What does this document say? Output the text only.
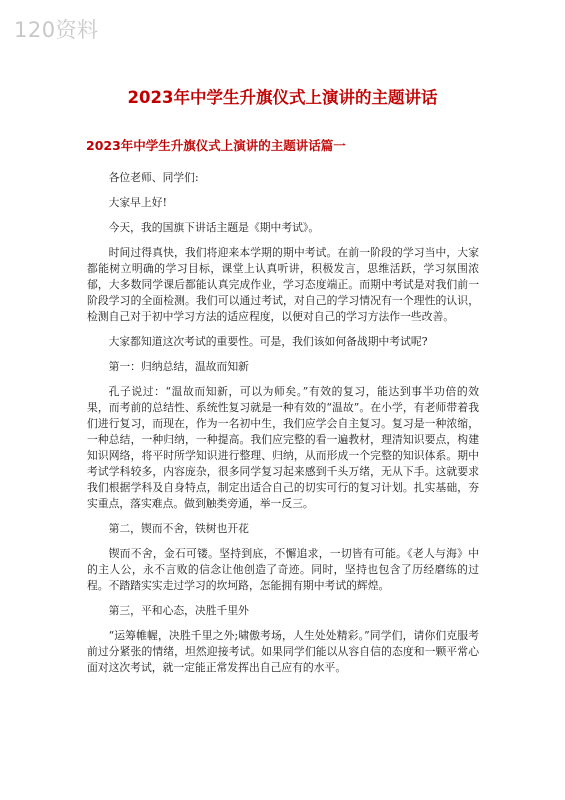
120资料
2023年中学生升旗仪式上演讲的主题讲话
2023年中学生升旗仪式上演讲的主题讲话篇一

各位老师、同学们:

大家早上好!

今天，我的国旗下讲话主题是《期中考试》。

时间过得真快，我们将迎来本学期的期中考试。在前一阶段的学习当中，大家都能树立明确的学习目标，课堂上认真听讲，积极发言，思维活跃，学习氛围浓郁，大多数同学课后都能认真完成作业，学习态度端正。而期中考试是对我们前一阶段学习的全面检测。我们可以通过考试，对自己的学习情况有一个理性的认识，检测自己对于初中学习方法的适应程度，以便对自己的学习方法作一些改善。

大家都知道这次考试的重要性。可是，我们该如何备战期中考试呢?

第一：归纳总结，温故而知新

孔子说过：“温故而知新，可以为师矣。”有效的复习，能达到事半功倍的效果，而考前的总结性、系统性复习就是一种有效的“温故”。在小学，有老师带着我们进行复习，而现在，作为一名初中生，我们应学会自主复习。复习是一种浓缩，一种总结，一种归纳，一种提高。我们应完整的看一遍教材，理清知识要点，构建知识网络，将平时所学知识进行整理、归纳，从而形成一个完整的知识体系。期中考试学科较多，内容庞杂，很多同学复习起来感到千头万绪，无从下手。这就要求我们根据学科及自身特点，制定出适合自己的切实可行的复习计划。扎实基础，夯实重点，落实难点。做到触类旁通，举一反三。

第二，锲而不舍，铁树也开花

锲而不舍，金石可镂。坚持到底，不懈追求，一切皆有可能。《老人与海》中的主人公，永不言败的信念让他创造了奇迹。同时，坚持也包含了历经磨练的过程。不踏踏实实走过学习的坎坷路，怎能拥有期中考试的辉煌。

第三，平和心态，决胜千里外

“运筹帷幄，决胜千里之外;啸傲考场，人生处处精彩。”同学们，请你们克服考前过分紧张的情绪，坦然迎接考试。如果同学们能以从容自信的态度和一颗平常心面对这次考试，就一定能正常发挥出自己应有的水平。
